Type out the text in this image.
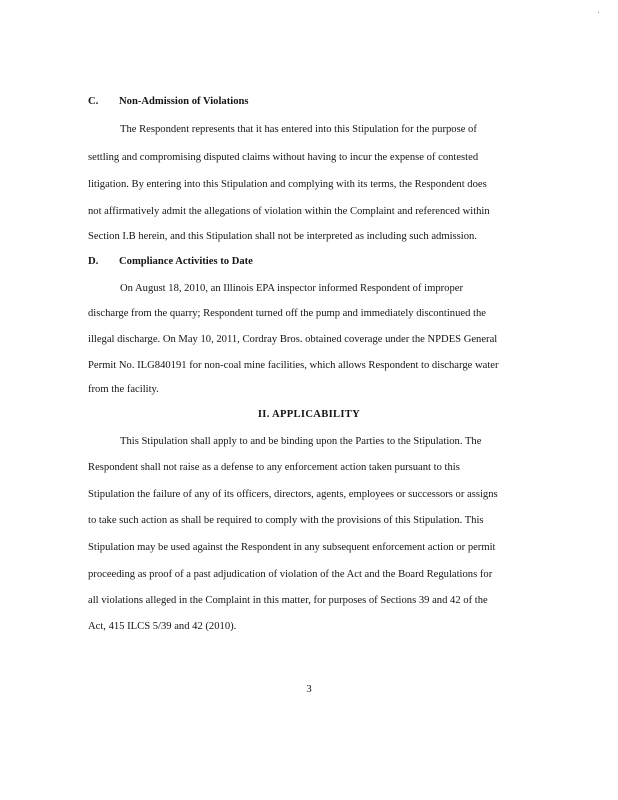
C. Non-Admission of Violations
The Respondent represents that it has entered into this Stipulation for the purpose of
settling and compromising disputed claims without having to incur the expense of contested
litigation. By entering into this Stipulation and complying with its terms, the Respondent does
not affirmatively admit the allegations of violation within the Complaint and referenced within
Section I.B herein, and this Stipulation shall not be interpreted as including such admission.
D. Compliance Activities to Date
On August 18, 2010, an Illinois EPA inspector informed Respondent of improper
discharge from the quarry; Respondent turned off the pump and immediately discontinued the
illegal discharge. On May 10, 2011, Cordray Bros. obtained coverage under the NPDES General
Permit No. ILG840191 for non-coal mine facilities, which allows Respondent to discharge water
from the facility.
II. APPLICABILITY
This Stipulation shall apply to and be binding upon the Parties to the Stipulation. The
Respondent shall not raise as a defense to any enforcement action taken pursuant to this
Stipulation the failure of any of its officers, directors, agents, employees or successors or assigns
to take such action as shall be required to comply with the provisions of this Stipulation. This
Stipulation may be used against the Respondent in any subsequent enforcement action or permit
proceeding as proof of a past adjudication of violation of the Act and the Board Regulations for
all violations alleged in the Complaint in this matter, for purposes of Sections 39 and 42 of the
Act, 415 ILCS 5/39 and 42 (2010).
3
